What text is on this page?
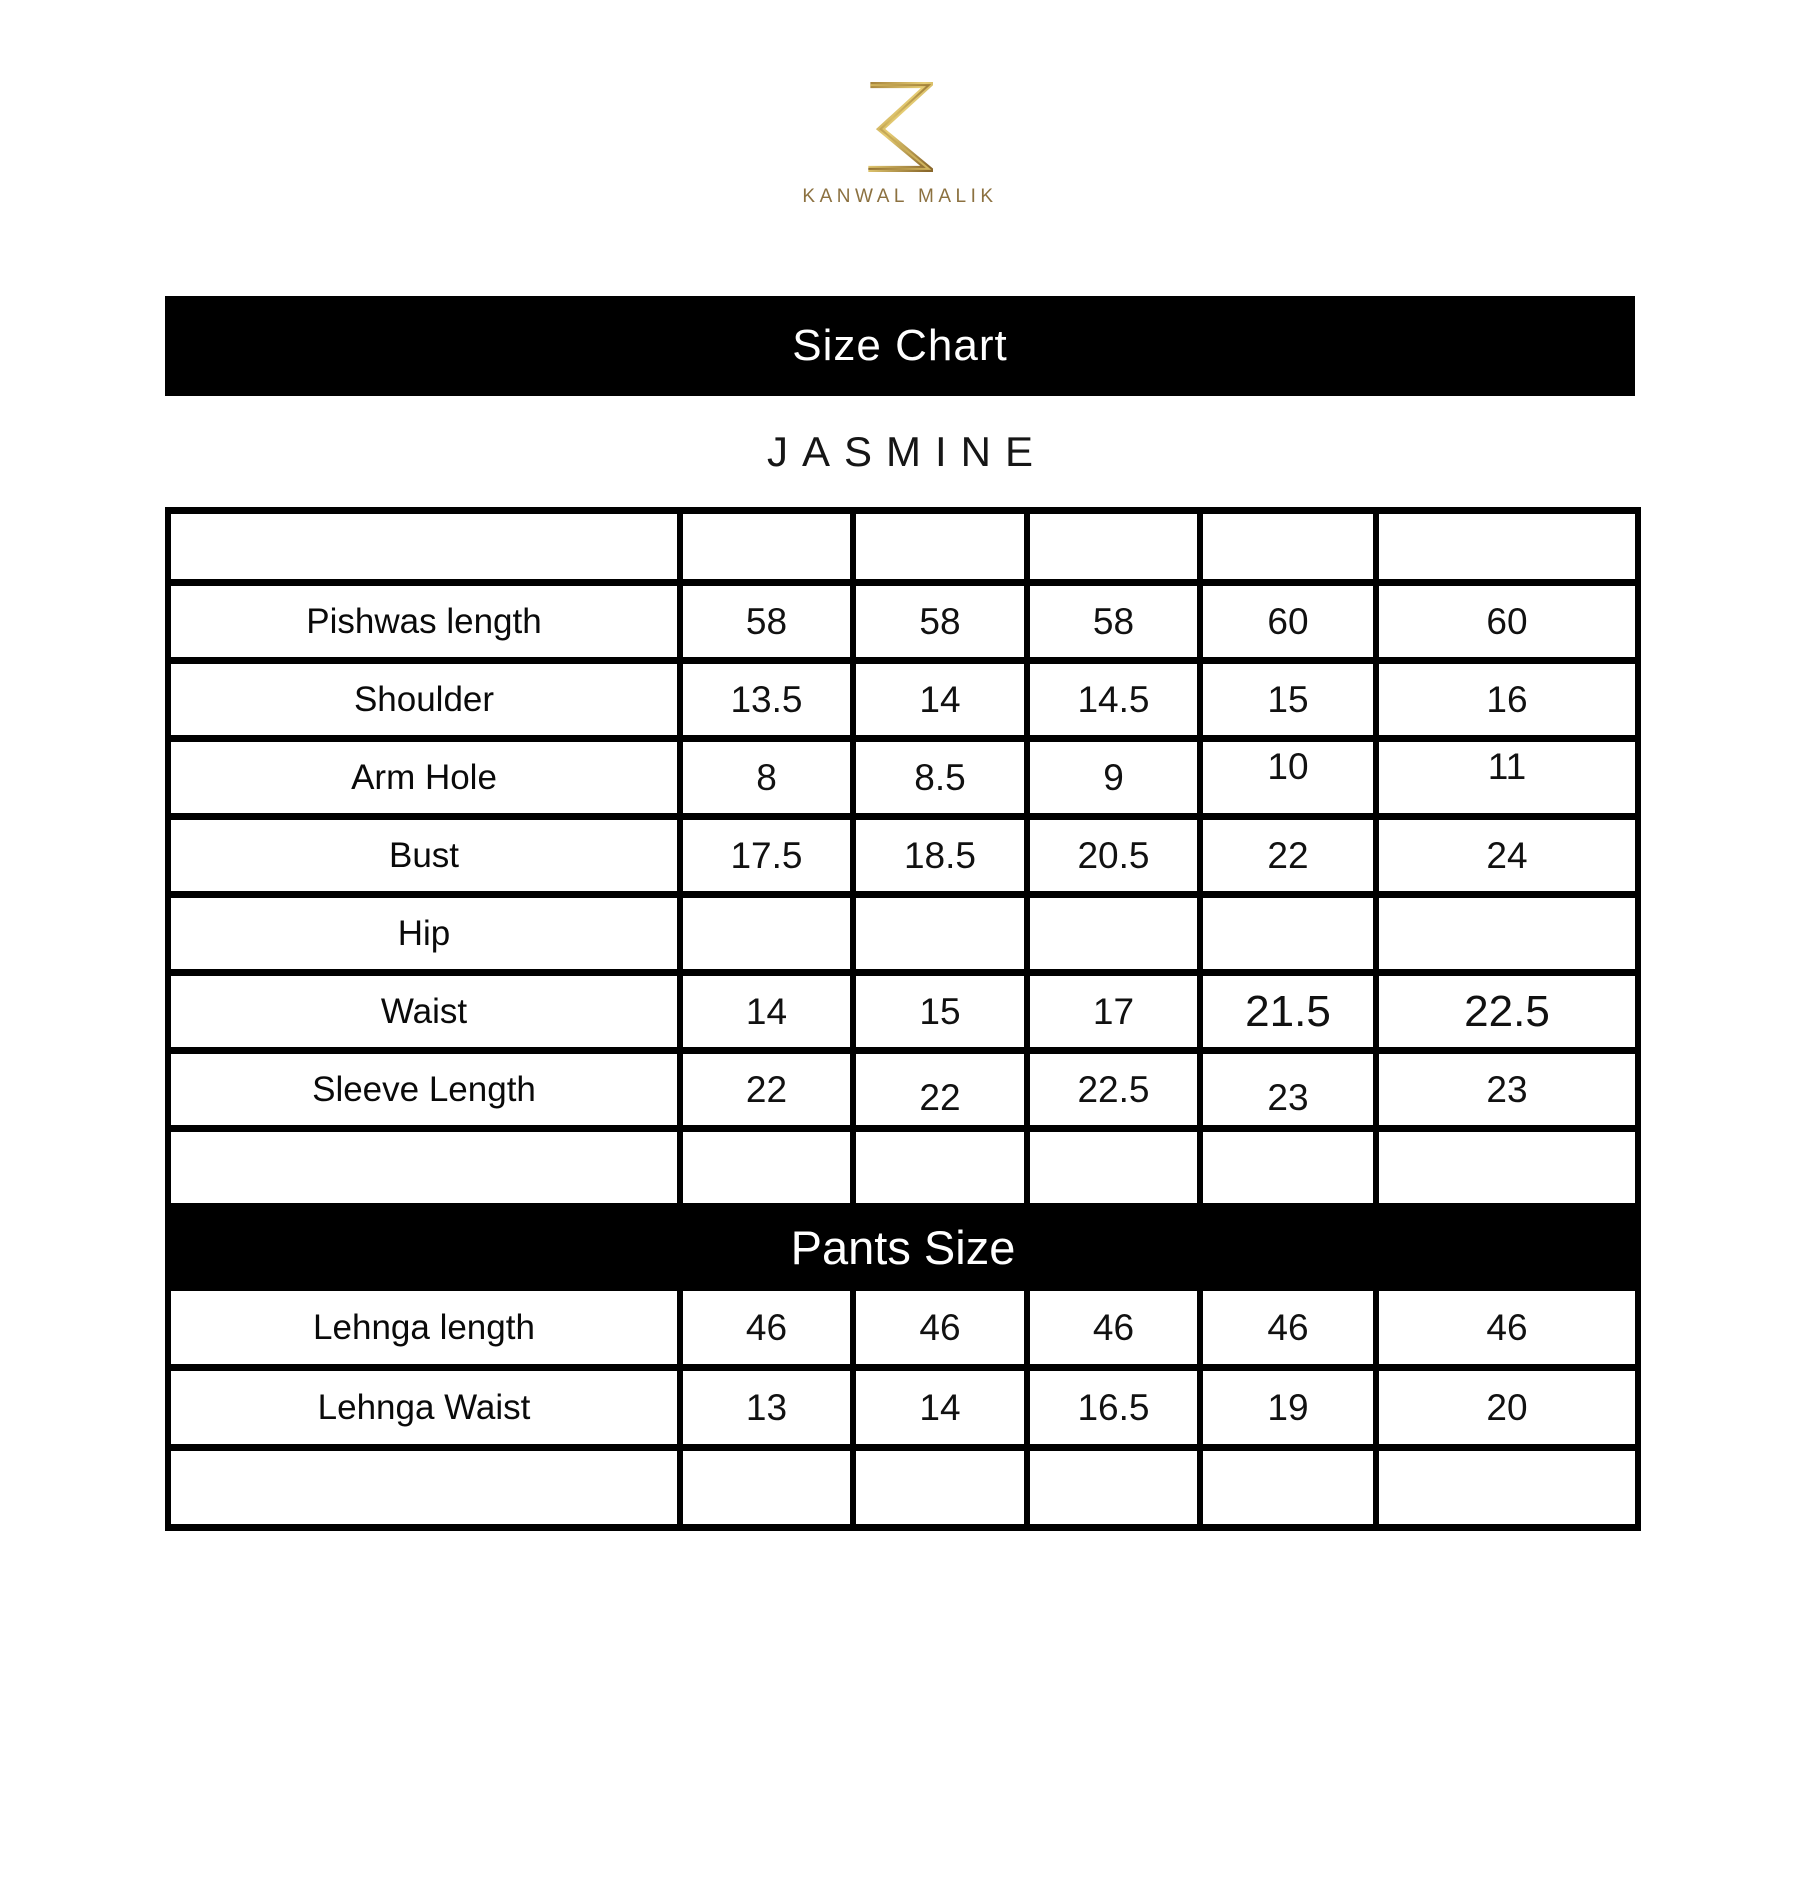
KANWAL MALIK
Size Chart
JASMINE
Details	Ex Small	Small	Medium	Large	Ex large
Pishwas length	58	58	58	60	60
Shoulder	13.5	14	14.5	15	16
Arm Hole	8	8.5	9	10	11
Bust	17.5	18.5	20.5	22	24
Hip					
Waist	14	15	17	21.5	22.5
Sleeve Length	22	22	22.5	23	23

Pants Size					
Lehnga length	46	46	46	46	46
Lehnga Waist	13	14	16.5	19	20
